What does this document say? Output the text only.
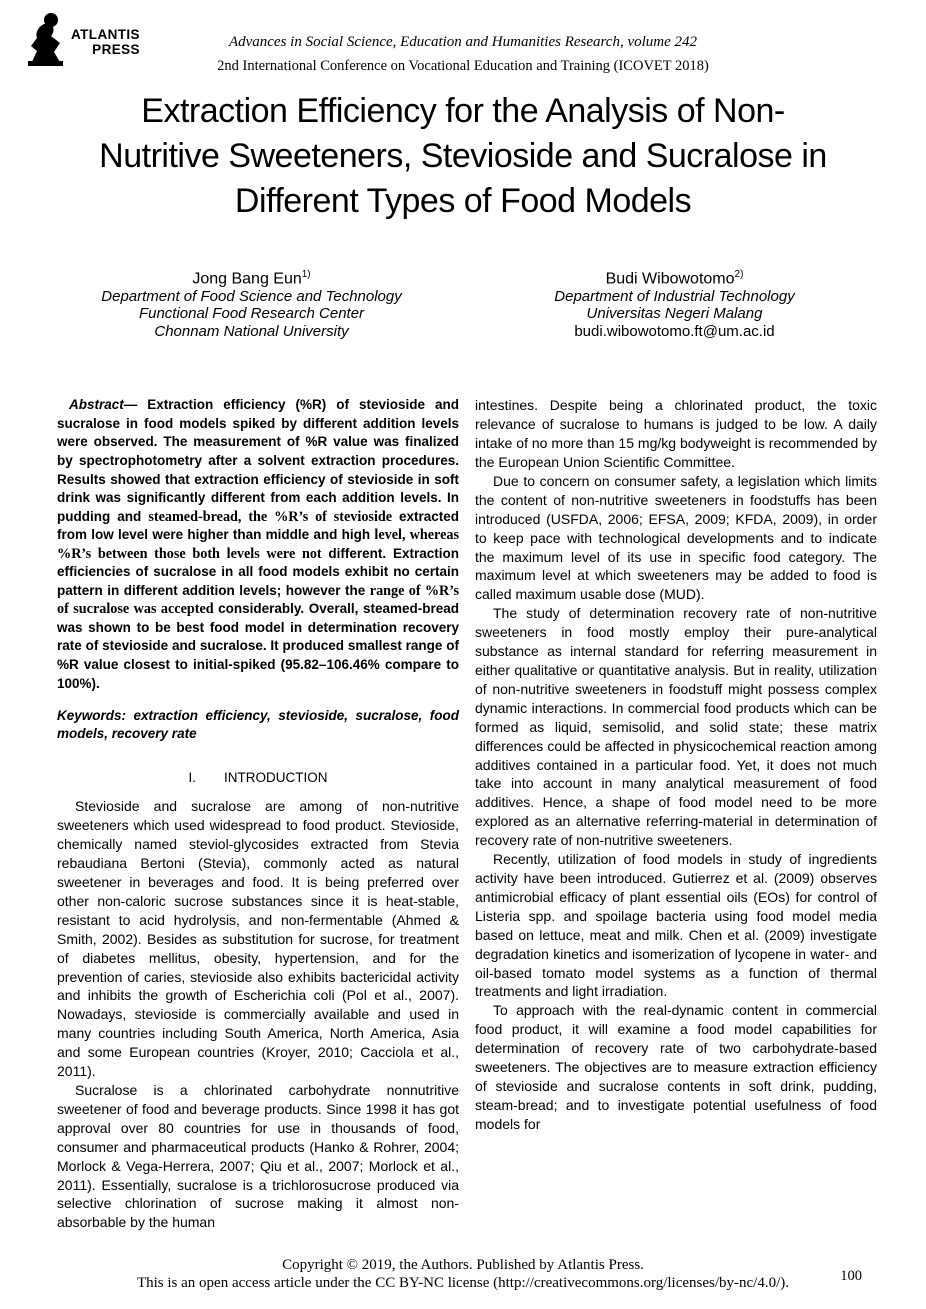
ATLANTIS
PRESS	Advances in Social Science, Education and Humanities Research, volume 242
2nd International Conference on Vocational Education and Training (ICOVET 2018)
Extraction Efficiency for the Analysis of Non-Nutritive Sweeteners, Stevioside and Sucralose in Different Types of Food Models
Jong Bang Eun$^{1)}$
Department of Food Science and Technology
Functional Food Research Center
Chonnam National University
Budi Wibowotomo$^{2)}$
Department of Industrial Technology
Universitas Negeri Malang
budi.wibowotomo.ft@um.ac.id

Abstract— Extraction efficiency (%R) of stevioside and sucralose in food models spiked by different addition levels were observed. The measurement of %R value was finalized by spectrophotometry after a solvent extraction procedures. Results showed that extraction efficiency of stevioside in soft drink was significantly different from each addition levels. In pudding and steamed-bread, the %R’s of stevioside extracted from low level were higher than middle and high level, whereas %R’s between those both levels were not different. Extraction efficiencies of sucralose in all food models exhibit no certain pattern in different addition levels; however the range of %R’s of sucralose was accepted considerably. Overall, steamed-bread was shown to be best food model in determination recovery rate of stevioside and sucralose. It produced smallest range of %R value closest to initial-spiked (95.82–106.46% compare to 100%).

Keywords: extraction efficiency, stevioside, sucralose, food models, recovery rate

I. INTRODUCTION

Stevioside and sucralose are among of non-nutritive sweeteners which used widespread to food product. Stevioside, chemically named steviol-glycosides extracted from Stevia rebaudiana Bertoni (Stevia), commonly acted as natural sweetener in beverages and food. It is being preferred over other non-caloric sucrose substances since it is heat-stable, resistant to acid hydrolysis, and non-fermentable (Ahmed & Smith, 2002). Besides as substitution for sucrose, for treatment of diabetes mellitus, obesity, hypertension, and for the prevention of caries, stevioside also exhibits bactericidal activity and inhibits the growth of Escherichia coli (Pol et al., 2007). Nowadays, stevioside is commercially available and used in many countries including South America, North America, Asia and some European countries (Kroyer, 2010; Cacciola et al., 2011).

Sucralose is a chlorinated carbohydrate nonnutritive sweetener of food and beverage products. Since 1998 it has got approval over 80 countries for use in thousands of food, consumer and pharmaceutical products (Hanko & Rohrer, 2004; Morlock & Vega-Herrera, 2007; Qiu et al., 2007; Morlock et al., 2011). Essentially, sucralose is a trichlorosucrose produced via selective chlorination of sucrose making it almost non-absorbable by the human

intestines. Despite being a chlorinated product, the toxic relevance of sucralose to humans is judged to be low. A daily intake of no more than 15 mg/kg bodyweight is recommended by the European Union Scientific Committee.

Due to concern on consumer safety, a legislation which limits the content of non-nutritive sweeteners in foodstuffs has been introduced (USFDA, 2006; EFSA, 2009; KFDA, 2009), in order to keep pace with technological developments and to indicate the maximum level of its use in specific food category. The maximum level at which sweeteners may be added to food is called maximum usable dose (MUD).

The study of determination recovery rate of non-nutritive sweeteners in food mostly employ their pure-analytical substance as internal standard for referring measurement in either qualitative or quantitative analysis. But in reality, utilization of non-nutritive sweeteners in foodstuff might possess complex dynamic interactions. In commercial food products which can be formed as liquid, semisolid, and solid state; these matrix differences could be affected in physicochemical reaction among additives contained in a particular food. Yet, it does not much take into account in many analytical measurement of food additives. Hence, a shape of food model need to be more explored as an alternative referring-material in determination of recovery rate of non-nutritive sweeteners.

Recently, utilization of food models in study of ingredients activity have been introduced. Gutierrez et al. (2009) observes antimicrobial efficacy of plant essential oils (EOs) for control of Listeria spp. and spoilage bacteria using food model media based on lettuce, meat and milk. Chen et al. (2009) investigate degradation kinetics and isomerization of lycopene in water- and oil-based tomato model systems as a function of thermal treatments and light irradiation.

To approach with the real-dynamic content in commercial food product, it will examine a food model capabilities for determination of recovery rate of two carbohydrate-based sweeteners. The objectives are to measure extraction efficiency of stevioside and sucralose contents in soft drink, pudding, steam-bread; and to investigate potential usefulness of food models for

Copyright © 2019, the Authors. Published by Atlantis Press.
This is an open access article under the CC BY-NC license (http://creativecommons.org/licenses/by-nc/4.0/).	100
